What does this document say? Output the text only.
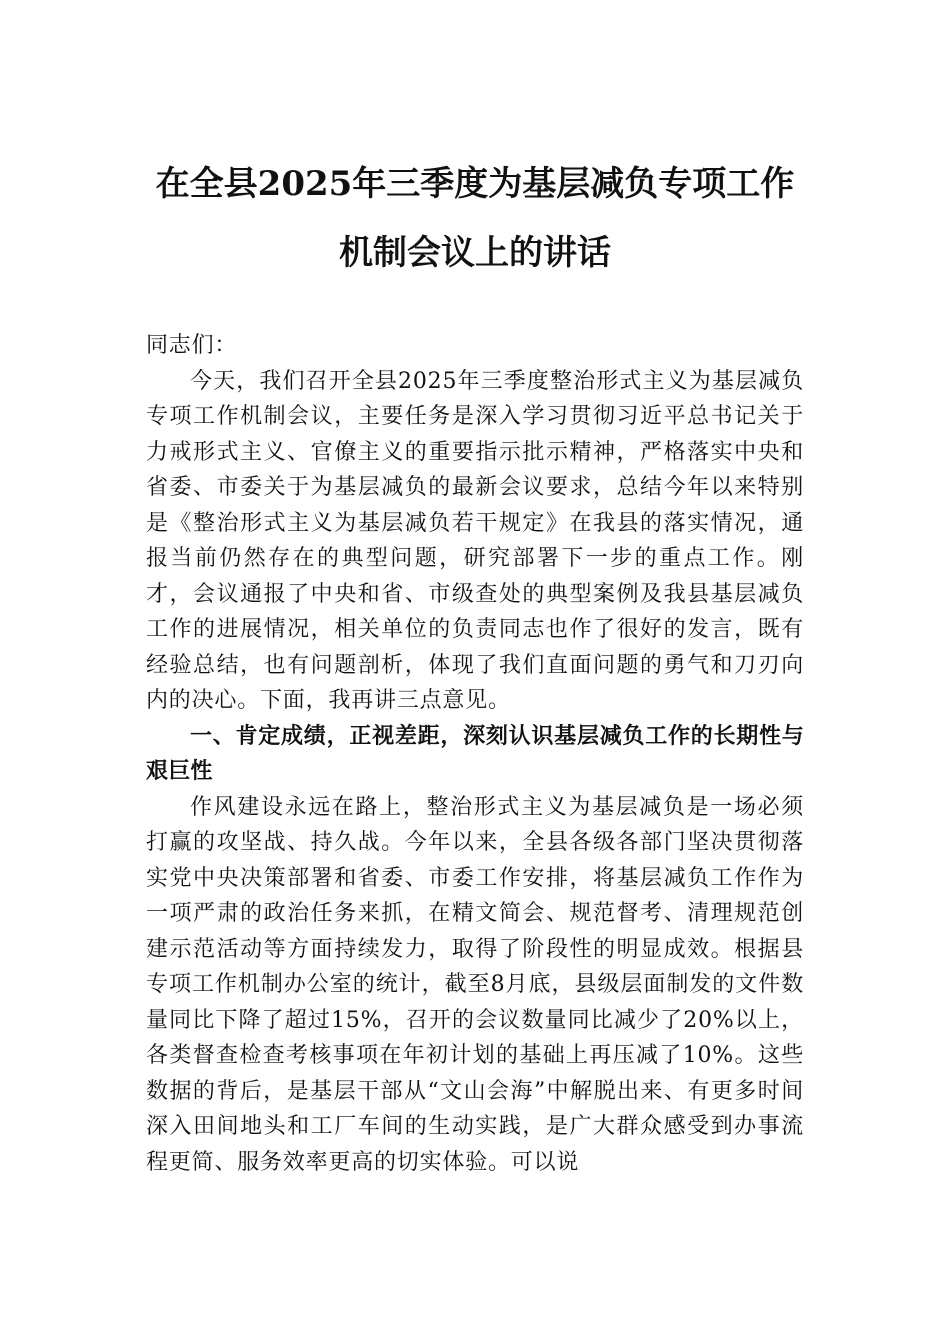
在全县2025年三季度为基层减负专项工作
机制会议上的讲话

同志们：

今天，我们召开全县2025年三季度整治形式主义为基层减负专项工作机制会议，主要任务是深入学习贯彻习近平总书记关于力戒形式主义、官僚主义的重要指示批示精神，严格落实中央和省委、市委关于为基层减负的最新会议要求，总结今年以来特别是《整治形式主义为基层减负若干规定》在我县的落实情况，通报当前仍然存在的典型问题，研究部署下一步的重点工作。刚才，会议通报了中央和省、市级查处的典型案例及我县基层减负工作的进展情况，相关单位的负责同志也作了很好的发言，既有经验总结，也有问题剖析，体现了我们直面问题的勇气和刀刃向内的决心。下面，我再讲三点意见。

一、肯定成绩，正视差距，深刻认识基层减负工作的长期性与艰巨性

作风建设永远在路上，整治形式主义为基层减负是一场必须打赢的攻坚战、持久战。今年以来，全县各级各部门坚决贯彻落实党中央决策部署和省委、市委工作安排，将基层减负工作作为一项严肃的政治任务来抓，在精文简会、规范督考、清理规范创建示范活动等方面持续发力，取得了阶段性的明显成效。根据县专项工作机制办公室的统计，截至8月底，县级层面制发的文件数量同比下降了超过15%，召开的会议数量同比减少了20%以上，各类督查检查考核事项在年初计划的基础上再压减了10%。这些数据的背后，是基层干部从“文山会海”中解脱出来、有更多时间深入田间地头和工厂车间的生动实践，是广大群众感受到办事流程更简、服务效率更高的切实体验。可以说
